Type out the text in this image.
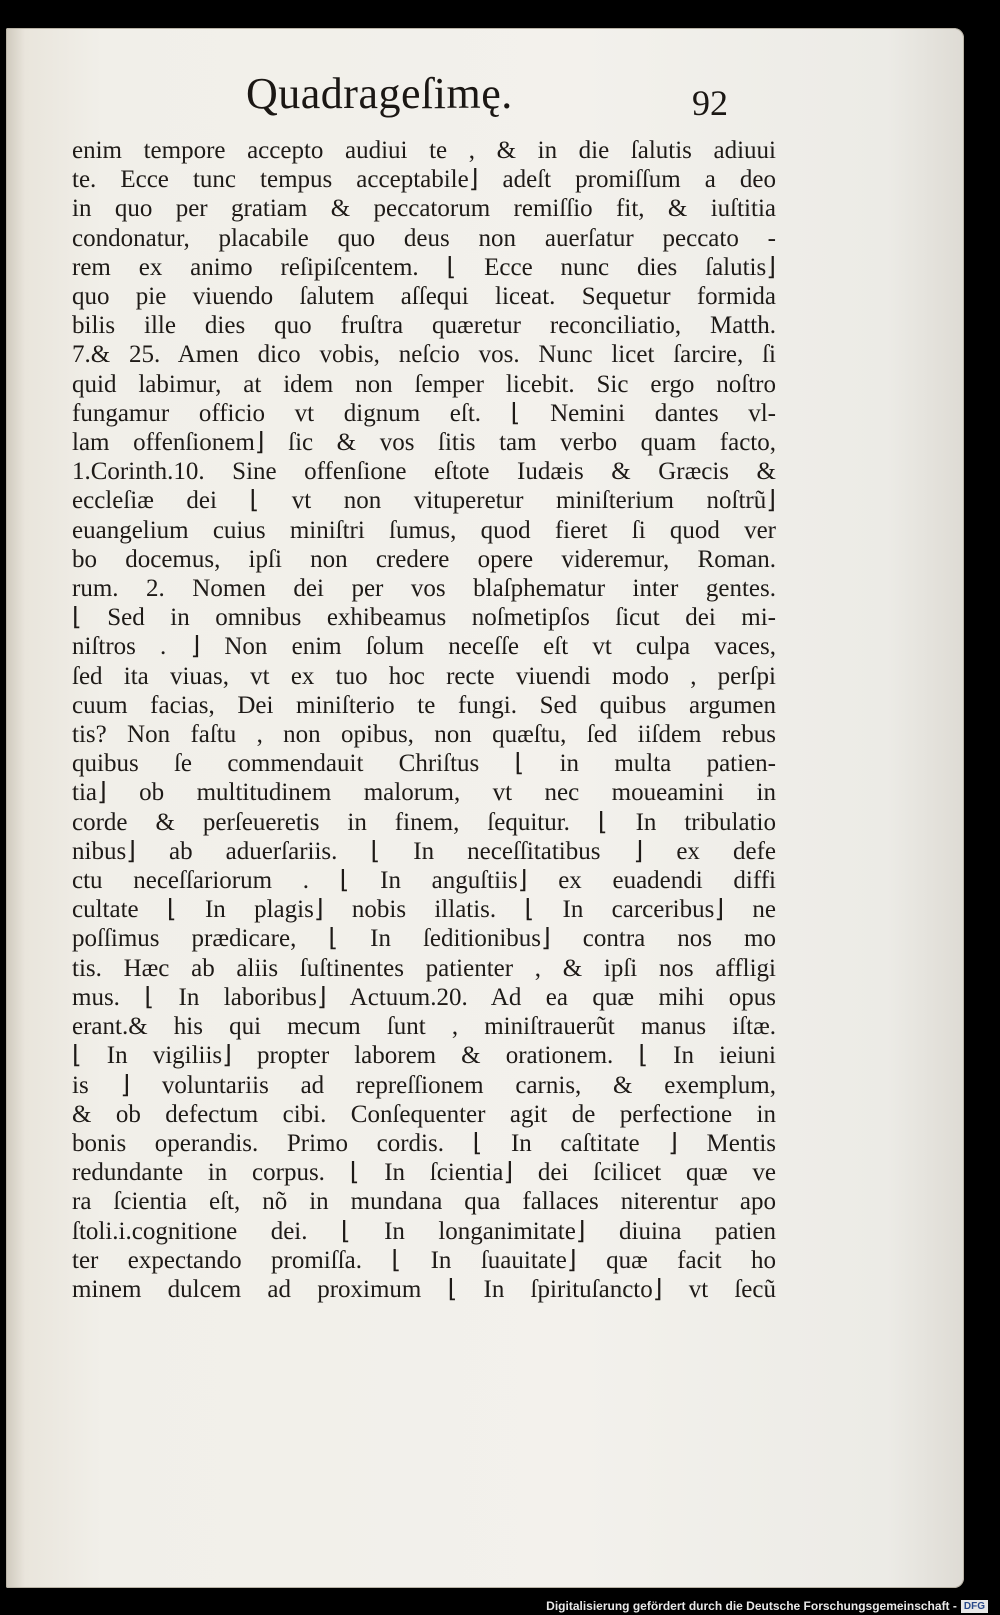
Quadrageſimę.	92
enim tempore accepto audiui te , & in die ſalutis adiuui
te. Ecce tunc tempus acceptabile⌋ adeſt promiſſum a deo
in quo per gratiam & peccatorum remiſſio fit, & iuſtitia
condonatur, placabile quo deus non auerſatur peccato -
rem ex animo reſipiſcentem. ⌊ Ecce nunc dies ſalutis⌋
quo pie viuendo ſalutem aſſequi liceat. Sequetur formida
bilis ille dies quo fruſtra quæretur reconciliatio, Matth.
7.& 25. Amen dico vobis, neſcio vos. Nunc licet ſarcire, ſi
quid labimur, at idem non ſemper licebit. Sic ergo noſtro
fungamur officio vt dignum eſt. ⌊ Nemini dantes vl-
lam offenſionem⌋ ſic & vos ſitis tam verbo quam facto,
1.Corinth.10. Sine offenſione eſtote Iudæis & Græcis &
eccleſiæ dei ⌊ vt non vituperetur miniſterium noſtrũ⌋
euangelium cuius miniſtri ſumus, quod fieret ſi quod ver
bo docemus, ipſi non credere opere videremur, Roman.
rum. 2. Nomen dei per vos blaſphematur inter gentes.
⌊ Sed in omnibus exhibeamus noſmetipſos ſicut dei mi-
niſtros . ⌋ Non enim ſolum neceſſe eſt vt culpa vaces,
ſed ita viuas, vt ex tuo hoc recte viuendi modo , perſpi
cuum facias, Dei miniſterio te fungi. Sed quibus argumen
tis? Non faſtu , non opibus, non quæſtu, ſed iiſdem rebus
quibus ſe commendauit Chriſtus ⌊ in multa patien-
tia⌋ ob multitudinem malorum, vt nec moueamini in
corde & perſeueretis in finem, ſequitur. ⌊ In tribulatio
nibus⌋ ab aduerſariis. ⌊ In neceſſitatibus ⌋ ex defe
ctu neceſſariorum . ⌊ In anguſtiis⌋ ex euadendi diffi
cultate ⌊ In plagis⌋ nobis illatis. ⌊ In carceribus⌋ ne
poſſimus prædicare, ⌊ In ſeditionibus⌋ contra nos mo
tis. Hæc ab aliis ſuſtinentes patienter , & ipſi nos affligi
mus. ⌊ In laboribus⌋ Actuum.20. Ad ea quæ mihi opus
erant.& his qui mecum ſunt , miniſtrauerũt manus iſtæ.
⌊ In vigiliis⌋ propter laborem & orationem. ⌊ In ieiuni
is ⌋ voluntariis ad repreſſionem carnis, & exemplum,
& ob defectum cibi. Conſequenter agit de perfectione in
bonis operandis. Primo cordis. ⌊ In caſtitate ⌋ Mentis
redundante in corpus. ⌊ In ſcientia⌋ dei ſcilicet quæ ve
ra ſcientia eſt, nõ in mundana qua fallaces niterentur apo
ſtoli.i.cognitione dei. ⌊ In longanimitate⌋ diuina patien
ter expectando promiſſa. ⌊ In ſuauitate⌋ quæ facit ho
minem dulcem ad proximum ⌊ In ſpirituſancto⌋ vt ſecũ
Digitalisierung gefördert durch die Deutsche Forschungsgemeinschaft - DFG
